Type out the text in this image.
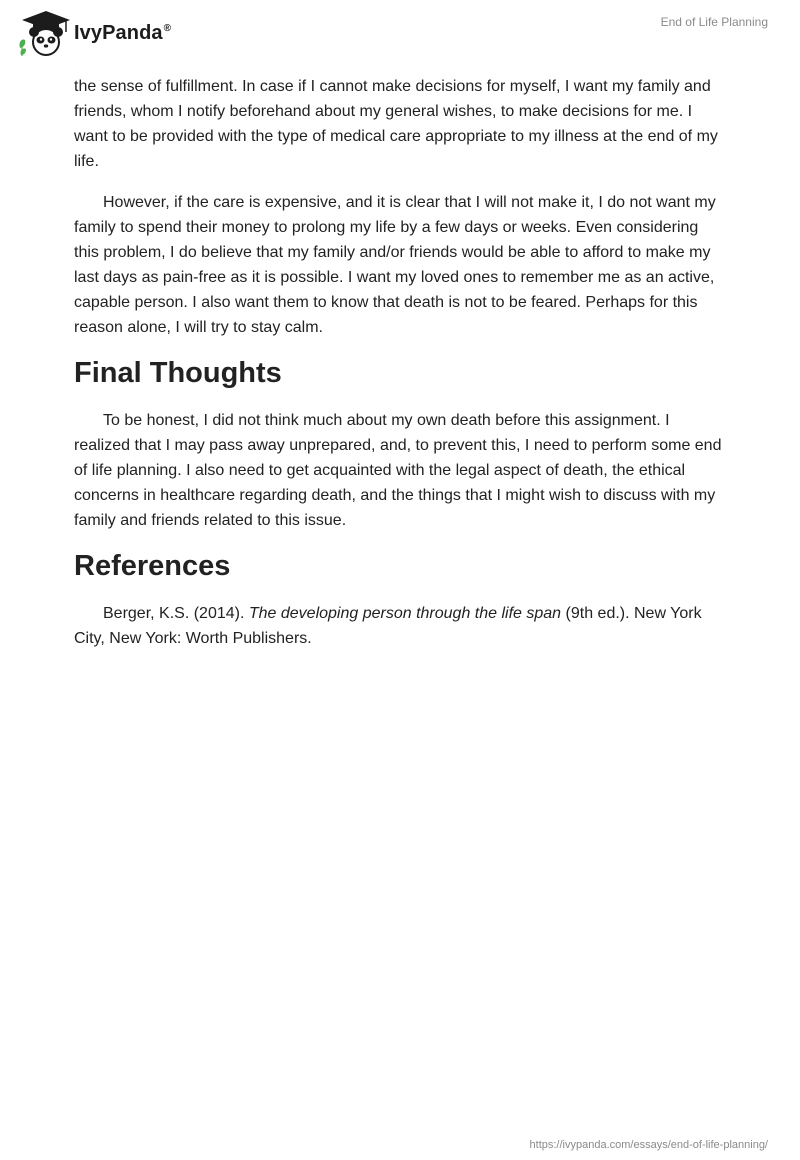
IvyPanda®	End of Life Planning

the sense of fulfillment. In case if I cannot make decisions for myself, I want my family and friends, whom I notify beforehand about my general wishes, to make decisions for me. I want to be provided with the type of medical care appropriate to my illness at the end of my life.

However, if the care is expensive, and it is clear that I will not make it, I do not want my family to spend their money to prolong my life by a few days or weeks. Even considering this problem, I do believe that my family and/or friends would be able to afford to make my last days as pain-free as it is possible. I want my loved ones to remember me as an active, capable person. I also want them to know that death is not to be feared. Perhaps for this reason alone, I will try to stay calm.

Final Thoughts

To be honest, I did not think much about my own death before this assignment. I realized that I may pass away unprepared, and, to prevent this, I need to perform some end of life planning. I also need to get acquainted with the legal aspect of death, the ethical concerns in healthcare regarding death, and the things that I might wish to discuss with my family and friends related to this issue.

References

Berger, K.S. (2014). The developing person through the life span (9th ed.). New York City, New York: Worth Publishers.

https://ivypanda.com/essays/end-of-life-planning/
